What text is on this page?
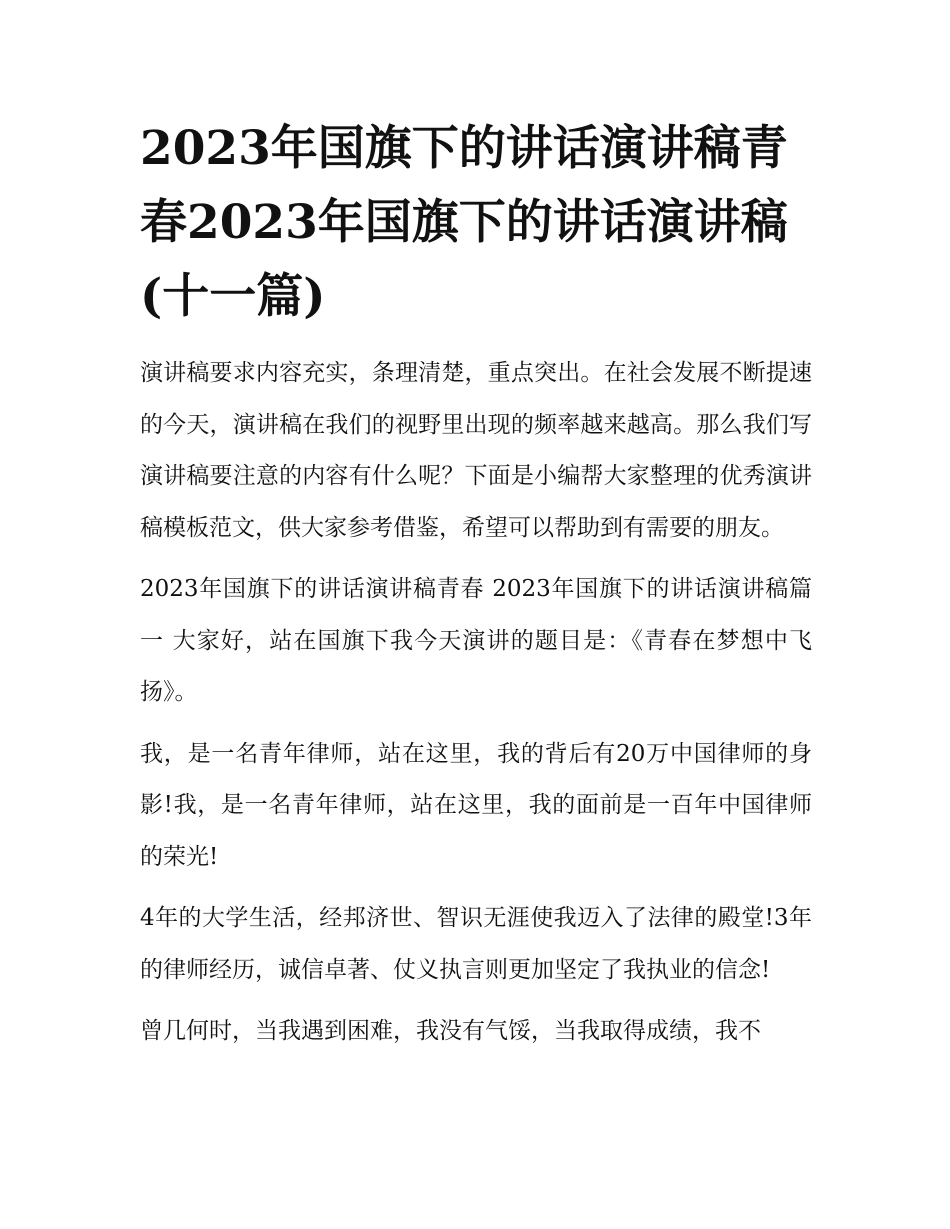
2023年国旗下的讲话演讲稿青春2023年国旗下的讲话演讲稿(十一篇)

演讲稿要求内容充实，条理清楚，重点突出。在社会发展不断提速的今天，演讲稿在我们的视野里出现的频率越来越高。那么我们写演讲稿要注意的内容有什么呢？下面是小编帮大家整理的优秀演讲稿模板范文，供大家参考借鉴，希望可以帮助到有需要的朋友。

2023年国旗下的讲话演讲稿青春 2023年国旗下的讲话演讲稿篇一 大家好，站在国旗下我今天演讲的题目是：《青春在梦想中飞扬》。

我，是一名青年律师，站在这里，我的背后有20万中国律师的身影!我，是一名青年律师，站在这里，我的面前是一百年中国律师的荣光!

4年的大学生活，经邦济世、智识无涯使我迈入了法律的殿堂!3年的律师经历，诚信卓著、仗义执言则更加坚定了我执业的信念!

曾几何时，当我遇到困难，我没有气馁，当我取得成绩，我不
